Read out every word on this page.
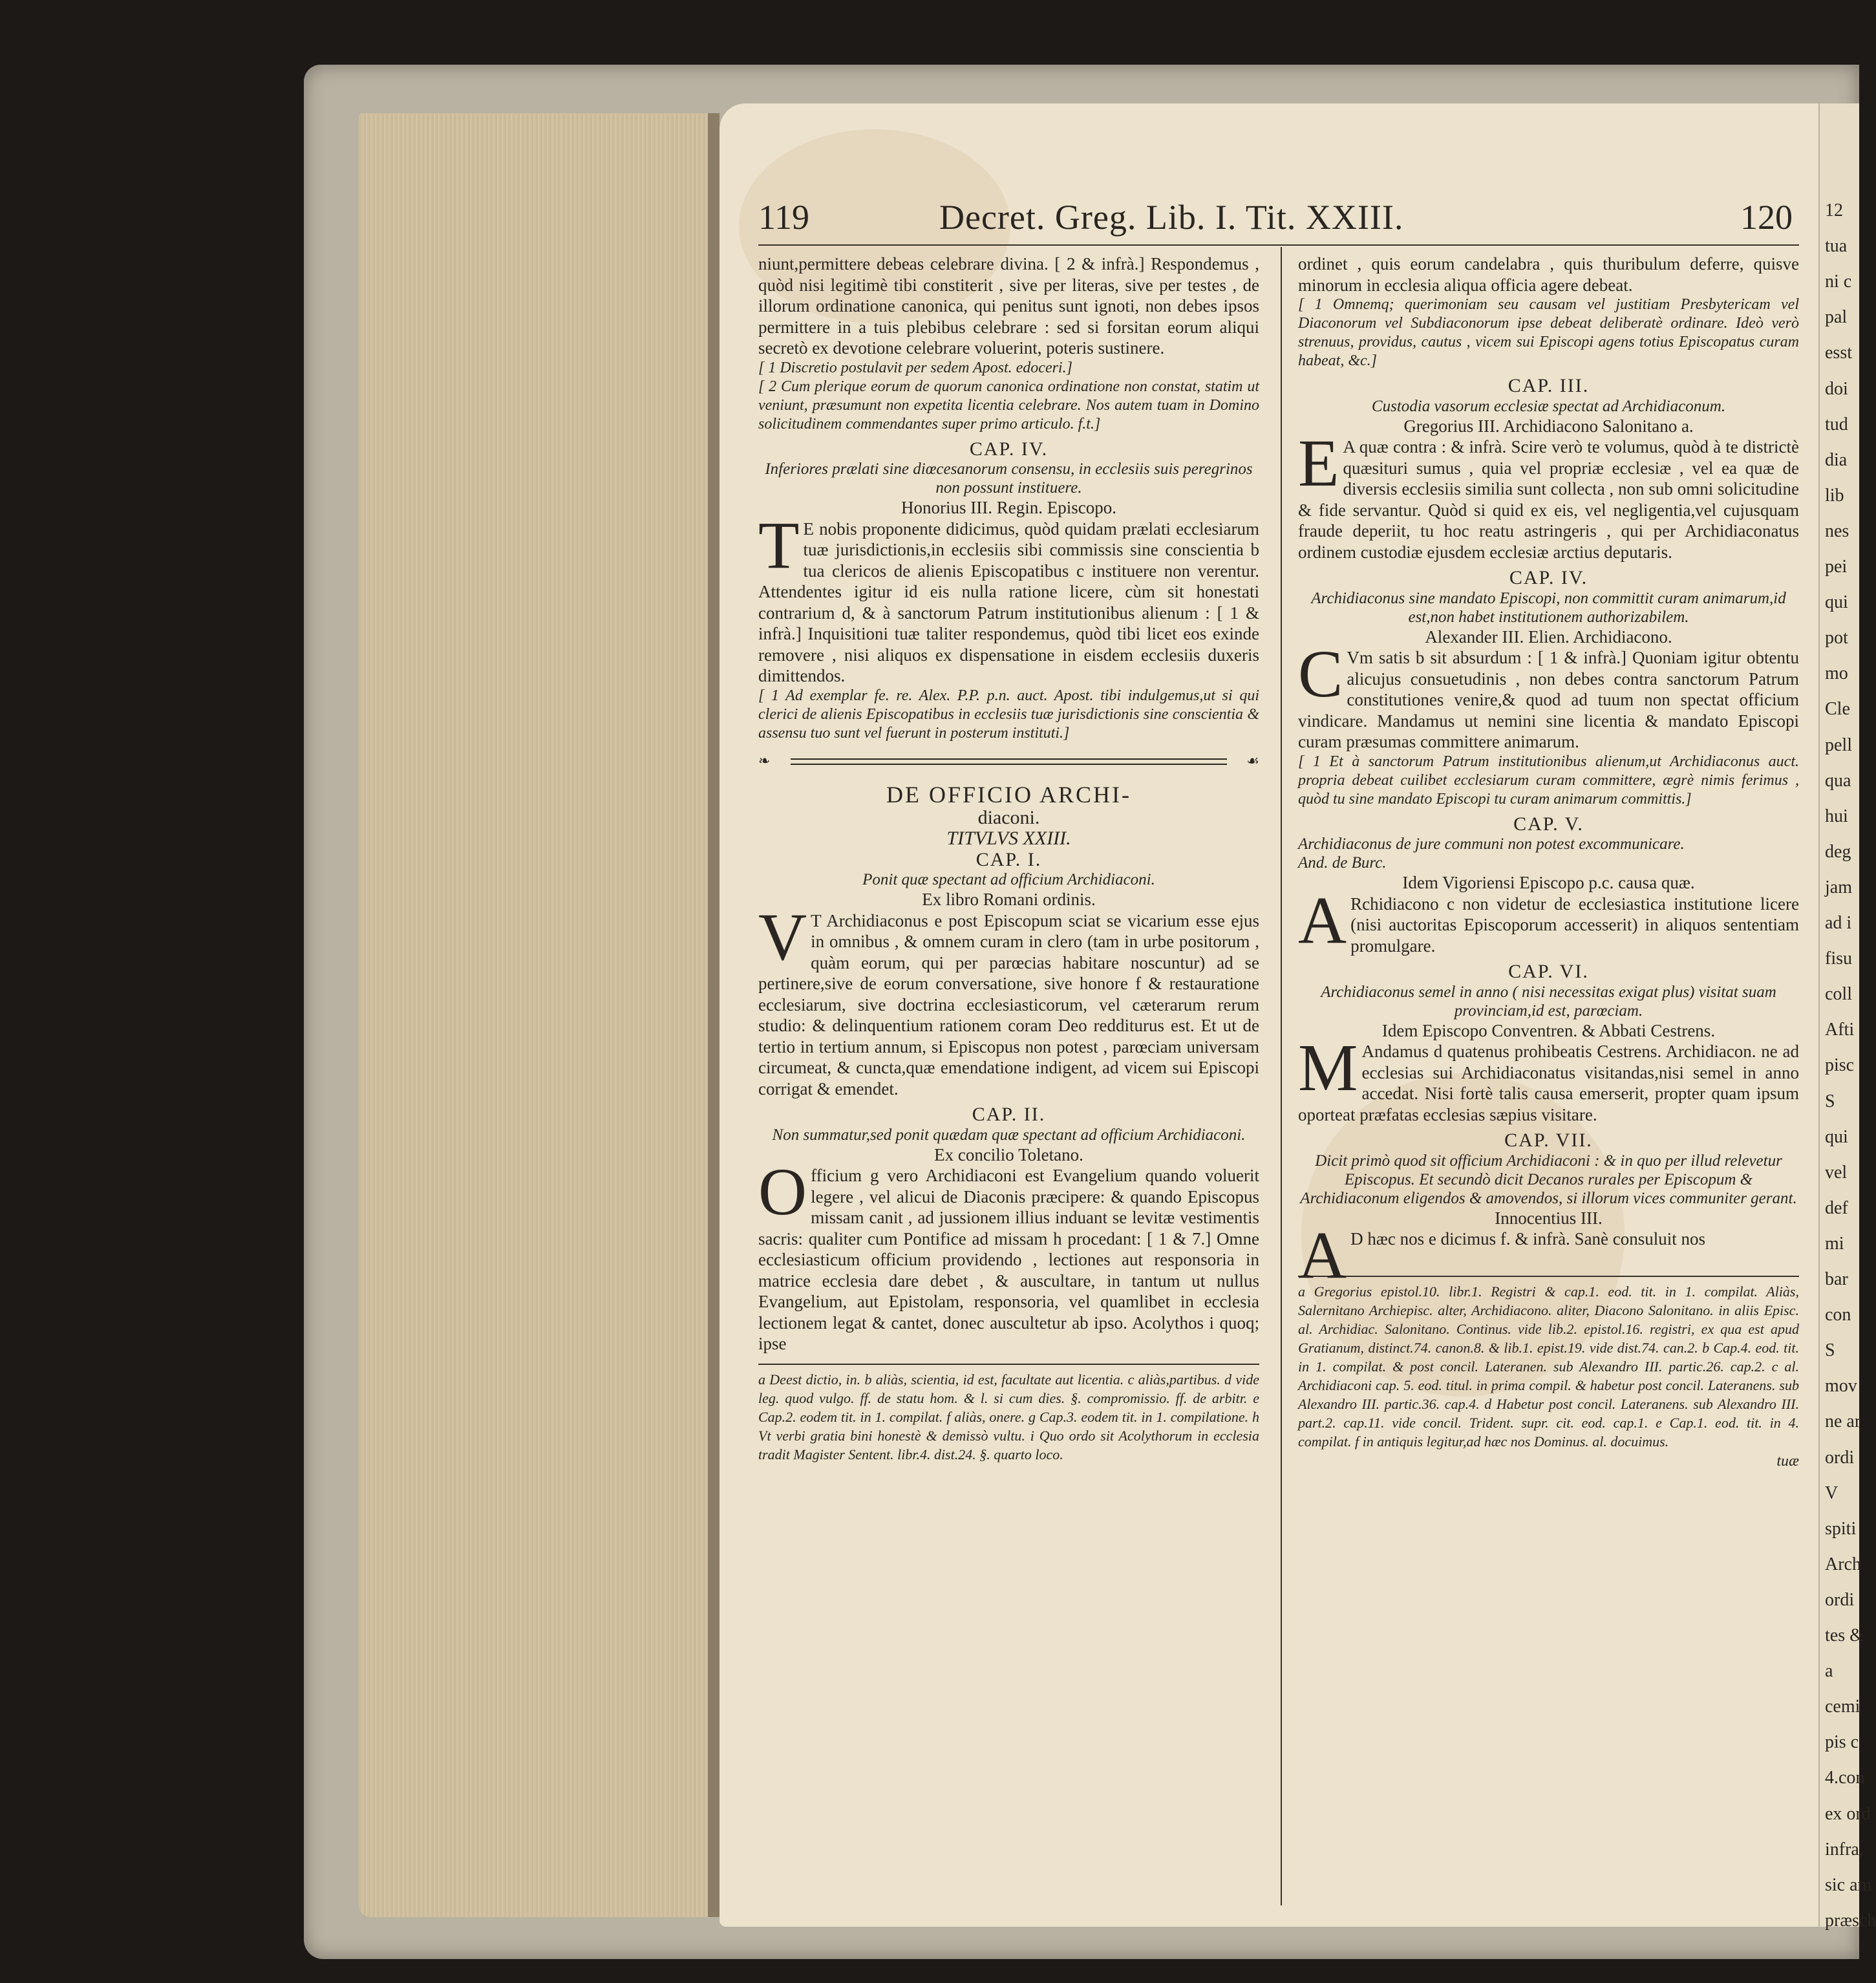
119	Decret. Greg. Lib. I. Tit. XXIII.	120

niunt,permittere debeas celebrare divina. [ 2 & infrà.] Respondemus , quòd nisi legitimè tibi constiterit , sive per literas, sive per testes , de illorum ordinatione canonica, qui penitus sunt ignoti, non debes ipsos permittere in a tuis plebibus celebrare : sed si forsitan eorum aliqui secretò ex devotione celebrare voluerint, poteris sustinere.

[ 1 Discretio postulavit per sedem Apost. edoceri.]

[ 2 Cum plerique eorum de quorum canonica ordinatione non constat, statim ut veniunt, præsumunt non expetita licentia celebrare. Nos autem tuam in Domino solicitudinem commendantes super primo articulo. f.t.]

CAP. IV.
Inferiores prælati sine diœcesanorum consensu, in ecclesiis suis peregrinos non possunt instituere.
Honorius III. Regin. Episcopo.

T E nobis proponente didicimus, quòd quidam prælati ecclesiarum tuæ jurisdictionis,in ecclesiis sibi commissis sine conscientia b tua clericos de alienis Episcopatibus c instituere non verentur. Attendentes igitur id eis nulla ratione licere, cùm sit honestati contrarium d, & à sanctorum Patrum institutionibus alienum : [ 1 & infrà.] Inquisitioni tuæ taliter respondemus, quòd tibi licet eos exinde removere , nisi aliquos ex dispensatione in eisdem ecclesiis duxeris dimittendos.

[ 1 Ad exemplar fe. re. Alex. P.P. p.n. auct. Apost. tibi indulgemus,ut si qui clerici de alienis Episcopatibus in ecclesiis tuæ jurisdictionis sine conscientia & assensu tuo sunt vel fuerunt in posterum instituti.]

❧	☙
DE OFFICIO ARCHI-
diaconi.
TITVLVS XXIII.
CAP. I.
Ponit quæ spectant ad officium Archidiaconi.
Ex libro Romani ordinis.

V T Archidiaconus e post Episcopum sciat se vicarium esse ejus in omnibus , & omnem curam in clero (tam in urbe positorum , quàm eorum, qui per parœcias habitare noscuntur) ad se pertinere,sive de eorum conversatione, sive honore f & restauratione ecclesiarum, sive doctrina ecclesiasticorum, vel cæterarum rerum studio: & delinquentium rationem coram Deo redditurus est. Et ut de tertio in tertium annum, si Episcopus non potest , parœciam universam circumeat, & cuncta,quæ emendatione indigent, ad vicem sui Episcopi corrigat & emendet.

CAP. II.
Non summatur,sed ponit quædam quæ spectant ad officium Archidiaconi.
Ex concilio Toletano.

Officium g vero Archidiaconi est Evangelium quando voluerit legere , vel alicui de Diaconis præcipere: & quando Episcopus missam canit , ad jussionem illius induant se levitæ vestimentis sacris: qualiter cum Pontifice ad missam h procedant: [ 1 & 7.] Omne ecclesiasticum officium providendo , lectiones aut responsoria in matrice ecclesia dare debet , & auscultare, in tantum ut nullus Evangelium, aut Epistolam, responsoria, vel quamlibet in ecclesia lectionem legat & cantet, donec auscultetur ab ipso. Acolythos i quoq; ipse

a Deest dictio, in. b aliàs, scientia, id est, facultate aut licentia. c aliàs,partibus. d vide leg. quod vulgo. ff. de statu hom. & l. si cum dies. §. compromissio. ff. de arbitr. e Cap.2. eodem tit. in 1. compilat. f aliàs, onere. g Cap.3. eodem tit. in 1. compilatione. h Vt verbi gratia bini honestè & demissò vultu. i Quo ordo sit Acolythorum in ecclesia tradit Magister Sentent. libr.4. dist.24. §. quarto loco.

ordinet , quis eorum candelabra , quis thuribulum deferre, quisve minorum in ecclesia aliqua officia agere debeat.

[ 1 Omnemq; querimoniam seu causam vel justitiam Presbytericam vel Diaconorum vel Subdiaconorum ipse debeat deliberatè ordinare. Ideò verò strenuus, providus, cautus , vicem sui Episcopi agens totius Episcopatus curam habeat, &c.]

CAP. III.
Custodia vasorum ecclesiæ spectat ad Archidiaconum.
Gregorius III. Archidiacono Salonitano a.

E A quæ contra : & infrà. Scire verò te volumus, quòd à te districtè quæsituri sumus , quia vel propriæ ecclesiæ , vel ea quæ de diversis ecclesiis similia sunt collecta , non sub omni solicitudine & fide servantur. Quòd si quid ex eis, vel negligentia,vel cujusquam fraude deperiit, tu hoc reatu astringeris , qui per Archidiaconatus ordinem custodiæ ejusdem ecclesiæ arctius deputaris.

CAP. IV.
Archidiaconus sine mandato Episcopi, non committit curam animarum,id est,non habet institutionem authorizabilem.
Alexander III. Elien. Archidiacono.

C Vm satis b sit absurdum : [ 1 & infrà.] Quoniam igitur obtentu alicujus consuetudinis , non debes contra sanctorum Patrum constitutiones venire,& quod ad tuum non spectat officium vindicare. Mandamus ut nemini sine licentia & mandato Episcopi curam præsumas committere animarum.

[ 1 Et à sanctorum Patrum institutionibus alienum,ut Archidiaconus auct. propria debeat cuilibet ecclesiarum curam committere, ægrè nimis ferimus , quòd tu sine mandato Episcopi tu curam animarum committis.]

CAP. V.
Archidiaconus de jure communi non potest excommunicare.
And. de Burc.
Idem Vigoriensi Episcopo p.c. causa quæ.

A Rchidiacono c non videtur de ecclesiastica institutione licere (nisi auctoritas Episcoporum accesserit) in aliquos sententiam promulgare.

CAP. VI.
Archidiaconus semel in anno ( nisi necessitas exigat plus) visitat suam provinciam,id est, parœciam.
Idem Episcopo Conventren. & Abbati Cestrens.

M Andamus d quatenus prohibeatis Cestrens. Archidiacon. ne ad ecclesias sui Archidiaconatus visitandas,nisi semel in anno accedat. Nisi fortè talis causa emerserit, propter quam ipsum oporteat præfatas ecclesias sæpius visitare.

CAP. VII.
Dicit primò quod sit officium Archidiaconi : & in quo per illud relevetur Episcopus. Et secundò dicit Decanos rurales per Episcopum & Archidiaconum eligendos & amovendos, si illorum vices communiter gerant.
Innocentius III.

A D hæc nos e dicimus f. & infrà. Sanè consuluit nos

a Gregorius epistol.10. libr.1. Registri & cap.1. eod. tit. in 1. compilat. Aliàs, Salernitano Archiepisc. alter, Archidiacono. aliter, Diacono Salonitano. in aliis Episc. al. Archidiac. Salonitano. Continus. vide lib.2. epistol.16. registri, ex qua est apud Gratianum, distinct.74. canon.8. & lib.1. epist.19. vide dist.74. can.2. b Cap.4. eod. tit. in 1. compilat. & post concil. Lateranen. sub Alexandro III. partic.26. cap.2. c al. Archidiaconi cap. 5. eod. titul. in prima compil. & habetur post concil. Lateranens. sub Alexandro III. partic.36. cap.4. d Habetur post concil. Lateranens. sub Alexandro III. part.2. cap.11. vide concil. Trident. supr. cit. eod. cap.1. e Cap.1. eod. tit. in 4. compilat. f in antiquis legitur,ad hæc nos Dominus. al. docuimus.

tuæ
12
tua
ni c
pal
esst
doi
tud
dia
lib
nes
pei
qui
pot
mo
Cle
pell
qua
hui
deg
jam
ad i
fisu
coll
Afti
pisc
S
qui
vel
def
mi
bar
con
S
mov
ne ar
ordi
V
spiti
Arch
ordi
tes &
a
cemi
pis c
4.con
ex ord
infra,
sic am
præsch
